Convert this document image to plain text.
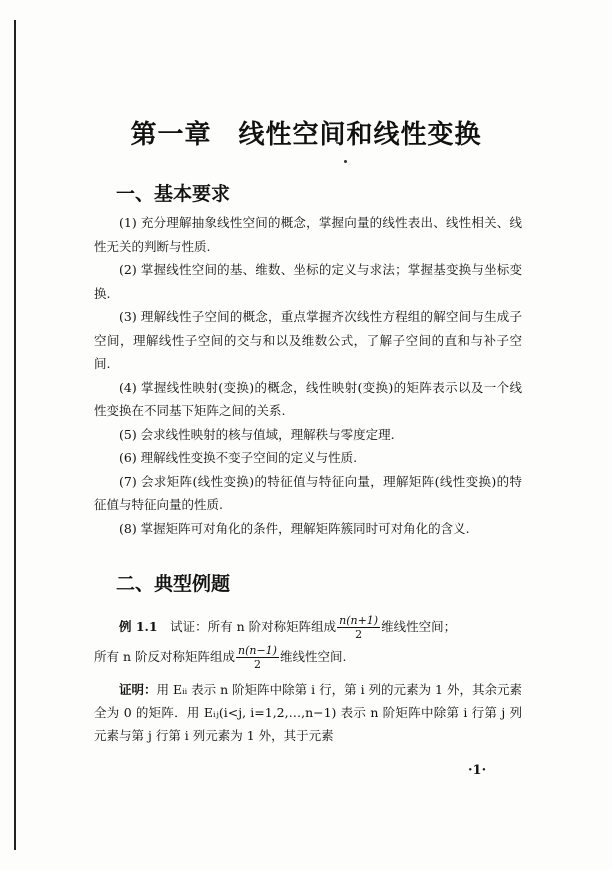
第一章　线性空间和线性变换
一、基本要求

(1) 充分理解抽象线性空间的概念，掌握向量的线性表出、线性相关、线性无关的判断与性质.

(2) 掌握线性空间的基、维数、坐标的定义与求法；掌握基变换与坐标变换.

(3) 理解线性子空间的概念，重点掌握齐次线性方程组的解空间与生成子空间，理解线性子空间的交与和以及维数公式，了解子空间的直和与补子空间.

(4) 掌握线性映射(变换)的概念，线性映射(变换)的矩阵表示以及一个线性变换在不同基下矩阵之间的关系.

(5) 会求线性映射的核与值域，理解秩与零度定理.

(6) 理解线性变换不变子空间的定义与性质.

(7) 会求矩阵(线性变换)的特征值与特征向量，理解矩阵(线性变换)的特征值与特征向量的性质.

(8) 掌握矩阵可对角化的条件，理解矩阵簇同时可对角化的含义.

二、典型例题

例 1.1　 试证：所有 n 阶对称矩阵组成 $\frac{n(n+1)}{2}$ 维线性空间；

所有 n 阶反对称矩阵组成 $\frac{n(n-1)}{2}$ 维线性空间.

证明：用 Eᵢᵢ 表示 n 阶矩阵中除第 i 行，第 i 列的元素为 1 外，其余元素全为 0 的矩阵．用 Eᵢⱼ(i<j, i=1,2,…,n−1) 表示 n 阶矩阵中除第 i 行第 j 列元素与第 j 行第 i 列元素为 1 外，其于元素

·1·
